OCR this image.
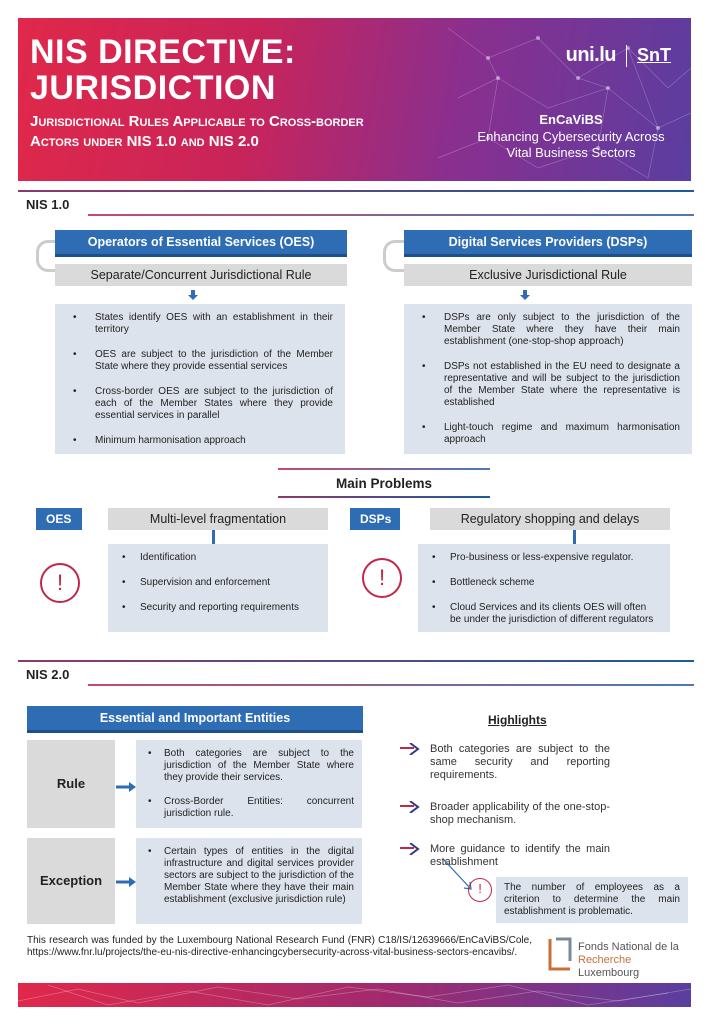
NIS DIRECTIVE:
JURISDICTION
Jurisdictional Rules Applicable to Cross-border Actors under NIS 1.0 and NIS 2.0
uni.lu SnT
EnCaViBS
Enhancing Cybersecurity Across Vital Business Sectors
NIS 1.0
Operators of Essential Services (OES)
Separate/Concurrent Jurisdictional Rule
• States identify OES with an establishment in their territory
• OES are subject to the jurisdiction of the Member State where they provide essential services
• Cross-border OES are subject to the jurisdiction of each of the Member States where they provide essential services in parallel
• Minimum harmonisation approach
Digital Services Providers (DSPs)
Exclusive Jurisdictional Rule
• DSPs are only subject to the jurisdiction of the Member State where they have their main establishment (one-stop-shop approach)
• DSPs not established in the EU need to designate a representative and will be subject to the jurisdiction of the Member State where the representative is established
• Light-touch regime and maximum harmonisation approach
Main Problems
OES	Multi-level fragmentation
!
• Identification
• Supervision and enforcement
• Security and reporting requirements
DSPs	Regulatory shopping and delays
!
• Pro-business or less-expensive regulator.
• Bottleneck scheme
• Cloud Services and its clients OES will often be under the jurisdiction of different regulators
NIS 2.0
Essential and Important Entities
Rule
• Both categories are subject to the jurisdiction of the Member State where they provide their services.
• Cross-Border Entities: concurrent jurisdiction rule.
Exception
• Certain types of entities in the digital infrastructure and digital services provider sectors are subject to the jurisdiction of the Member State where they have their main establishment (exclusive jurisdiction rule)
Highlights
Both categories are subject to the same security and reporting requirements.
Broader applicability of the one-stop-shop mechanism.
More guidance to identify the main establishment
!	The number of employees as a criterion to determine the main establishment is problematic.
This research was funded by the Luxembourg National Research Fund (FNR) C18/IS/12639666/EnCaViBS/Cole, https://www.fnr.lu/projects/the-eu-nis-directive-enhancingcybersecurity-across-vital-business-sectors-encavibs/.	Fonds National de la
Recherche Luxembourg
